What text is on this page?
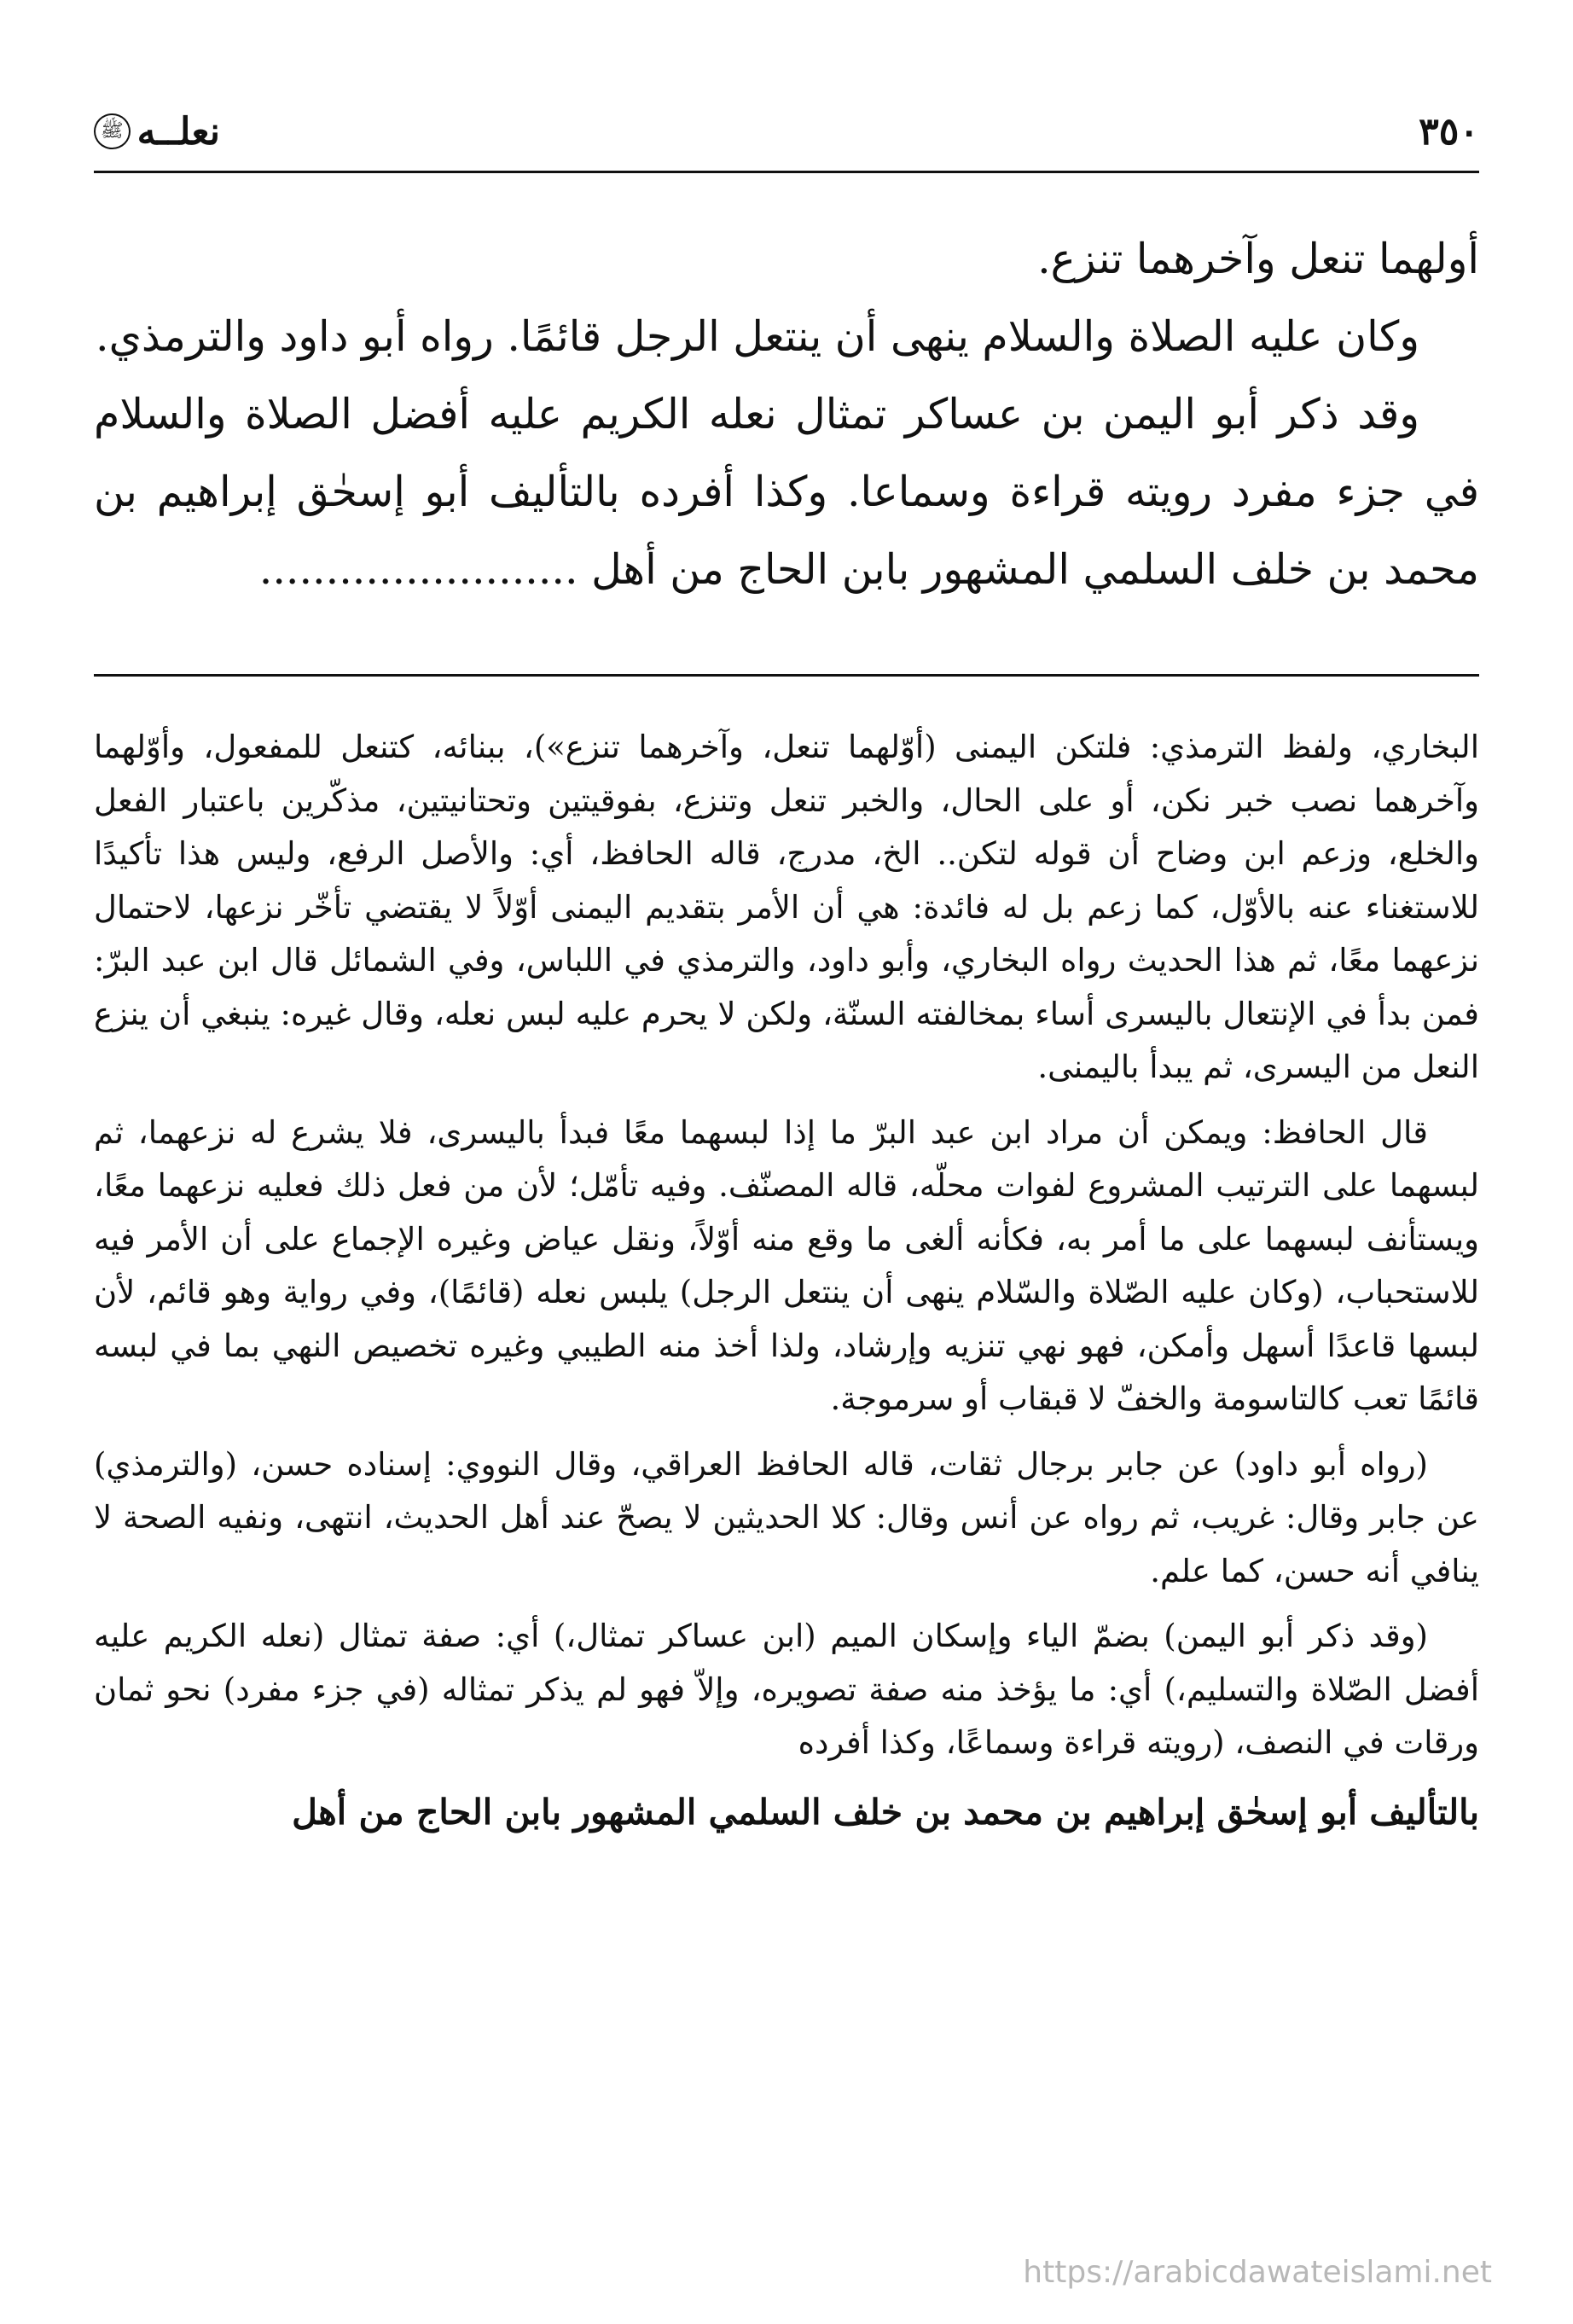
٣٥٠
نعلــه
ﷺ

أولهما تنعل وآخرهما تنزع.

وكان عليه الصلاة والسلام ينهى أن ينتعل الرجل قائمًا. رواه أبو داود والترمذي.

وقد ذكر أبو اليمن بن عساكر تمثال نعله الكريم عليه أفضل الصلاة والسلام في جزء مفرد رويته قراءة وسماعا. وكذا أفرده بالتأليف أبو إسحٰق إبراهيم بن محمد بن خلف السلمي المشهور بابن الحاج من أهل ........................

البخاري، ولفظ الترمذي: فلتكن اليمنى (أوّلهما تنعل، وآخرهما تنزع»)، ببنائه، كتنعل للمفعول، وأوّلهما وآخرهما نصب خبر نكن، أو على الحال، والخبر تنعل وتنزع، بفوقيتين وتحتانيتين، مذكّرين باعتبار الفعل والخلع، وزعم ابن وضاح أن قوله لتكن.. الخ، مدرج، قاله الحافظ، أي: والأصل الرفع، وليس هذا تأكيدًا للاستغناء عنه بالأوّل، كما زعم بل له فائدة: هي أن الأمر بتقديم اليمنى أوّلاً لا يقتضي تأخّر نزعها، لاحتمال نزعهما معًا، ثم هذا الحديث رواه البخاري، وأبو داود، والترمذي في اللباس، وفي الشمائل قال ابن عبد البرّ: فمن بدأ في الإنتعال باليسرى أساء بمخالفته السنّة، ولكن لا يحرم عليه لبس نعله، وقال غيره: ينبغي أن ينزع النعل من اليسرى، ثم يبدأ باليمنى.

قال الحافظ: ويمكن أن مراد ابن عبد البرّ ما إذا لبسهما معًا فبدأ باليسرى، فلا يشرع له نزعهما، ثم لبسهما على الترتيب المشروع لفوات محلّه، قاله المصنّف. وفيه تأمّل؛ لأن من فعل ذلك فعليه نزعهما معًا، ويستأنف لبسهما على ما أمر به، فكأنه ألغى ما وقع منه أوّلاً، ونقل عياض وغيره الإجماع على أن الأمر فيه للاستحباب، (وكان عليه الصّلاة والسّلام ينهى أن ينتعل الرجل) يلبس نعله (قائمًا)، وفي رواية وهو قائم، لأن لبسها قاعدًا أسهل وأمكن، فهو نهي تنزيه وإرشاد، ولذا أخذ منه الطيبي وغيره تخصيص النهي بما في لبسه قائمًا تعب كالتاسومة والخفّ لا قبقاب أو سرموجة.

(رواه أبو داود) عن جابر برجال ثقات، قاله الحافظ العراقي، وقال النووي: إسناده حسن، (والترمذي) عن جابر وقال: غريب، ثم رواه عن أنس وقال: كلا الحديثين لا يصحّ عند أهل الحديث، انتهى، ونفيه الصحة لا ينافي أنه حسن، كما علم.

(وقد ذكر أبو اليمن) بضمّ الياء وإسكان الميم (ابن عساكر تمثال،) أي: صفة تمثال (نعله الكريم عليه أفضل الصّلاة والتسليم،) أي: ما يؤخذ منه صفة تصويره، وإلاّ فهو لم يذكر تمثاله (في جزء مفرد) نحو ثمان ورقات في النصف، (رويته قراءة وسماعًا، وكذا أفرده

بالتأليف أبو إسحٰق إبراهيم بن محمد بن خلف السلمي المشهور بابن الحاج من أهل

https://arabicdawateislami.net
